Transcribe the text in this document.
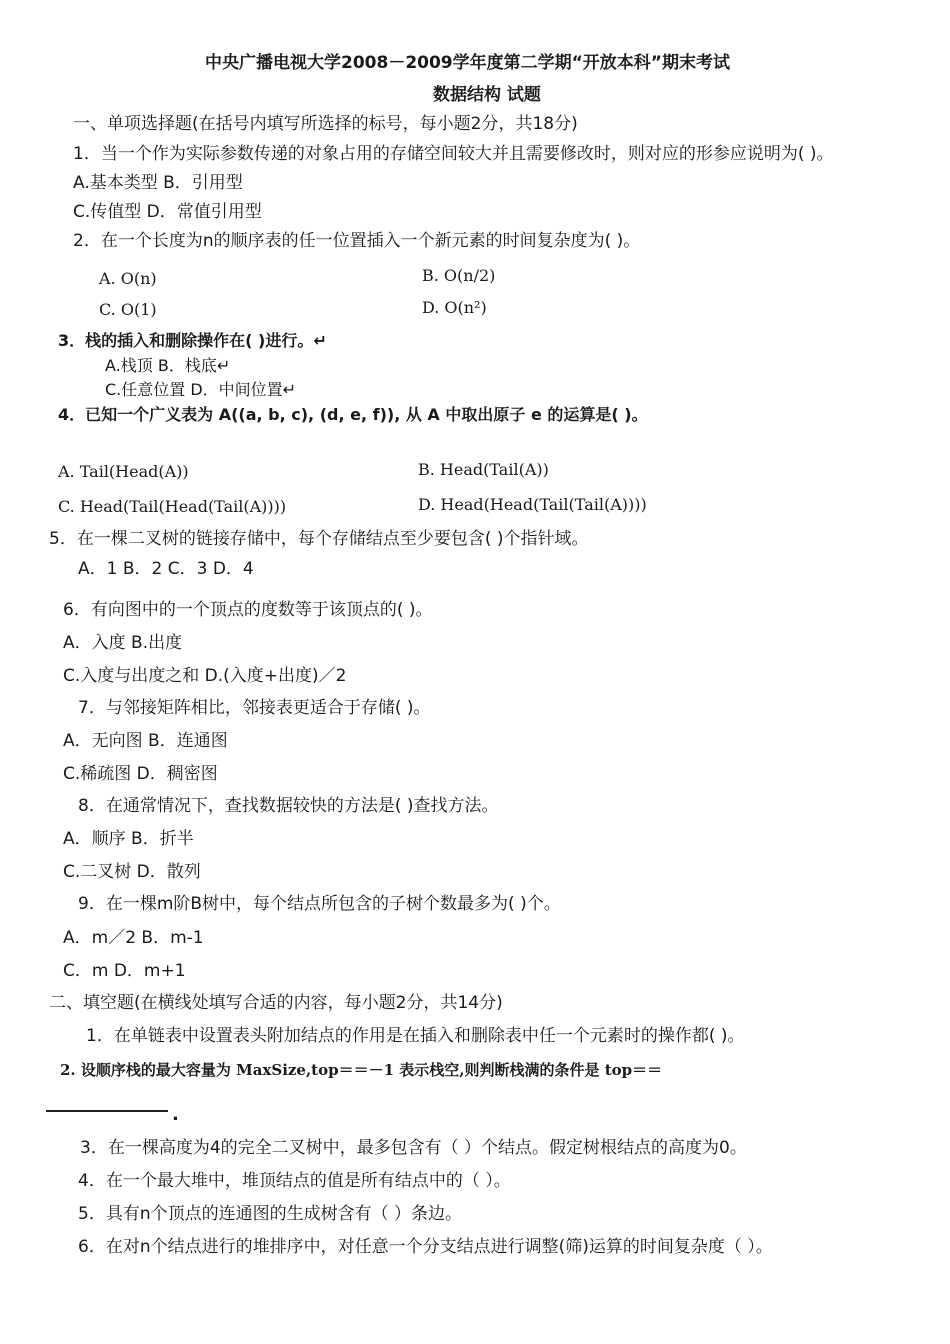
中央广播电视大学2008－2009学年度第二学期“开放本科”期末考试
数据结构 试题
一、单项选择题(在括号内填写所选择的标号，每小题2分，共18分)
1．当一个作为实际参数传递的对象占用的存储空间较大并且需要修改时，则对应的形参应说明为( )。
A.基本类型 B．引用型
C.传值型 D．常值引用型
2．在一个长度为n的顺序表的任一位置插入一个新元素的时间复杂度为( )。
A. O(n)	B. O(n/2)
C. O(1)	D. O(n²)
3．栈的插入和删除操作在( )进行。↵
A.栈顶 B．栈底↵
C.任意位置 D．中间位置↵
4．已知一个广义表为 A((a, b, c), (d, e, f)), 从 A 中取出原子 e 的运算是( )。
A. Tail(Head(A))	B. Head(Tail(A))
C. Head(Tail(Head(Tail(A))))	D. Head(Head(Tail(Tail(A))))
5．在一棵二叉树的链接存储中，每个存储结点至少要包含( )个指针域。
A．1 B．2 C．3 D．4
6．有向图中的一个顶点的度数等于该顶点的( )。
A．入度 B.出度
C.入度与出度之和 D.(入度+出度)／2
7．与邻接矩阵相比，邻接表更适合于存储( )。
A．无向图 B．连通图
C.稀疏图 D．稠密图
8．在通常情况下，查找数据较快的方法是( )查找方法。
A．顺序 B．折半
C.二叉树 D．散列
9．在一棵m阶B树中，每个结点所包含的子树个数最多为( )个。
A．m／2 B．m-1
C．m D．m+1
二、填空题(在横线处填写合适的内容，每小题2分，共14分)
1．在单链表中设置表头附加结点的作用是在插入和删除表中任一个元素时的操作都( )。
2. 设顺序栈的最大容量为 MaxSize,top＝＝－1 表示栈空,则判断栈满的条件是 top＝＝
.
3．在一棵高度为4的完全二叉树中，最多包含有（ ）个结点。假定树根结点的高度为0。
4．在一个最大堆中，堆顶结点的值是所有结点中的（ ）。
5．具有n个顶点的连通图的生成树含有（ ）条边。
6．在对n个结点进行的堆排序中，对任意一个分支结点进行调整(筛)运算的时间复杂度（ ）。
